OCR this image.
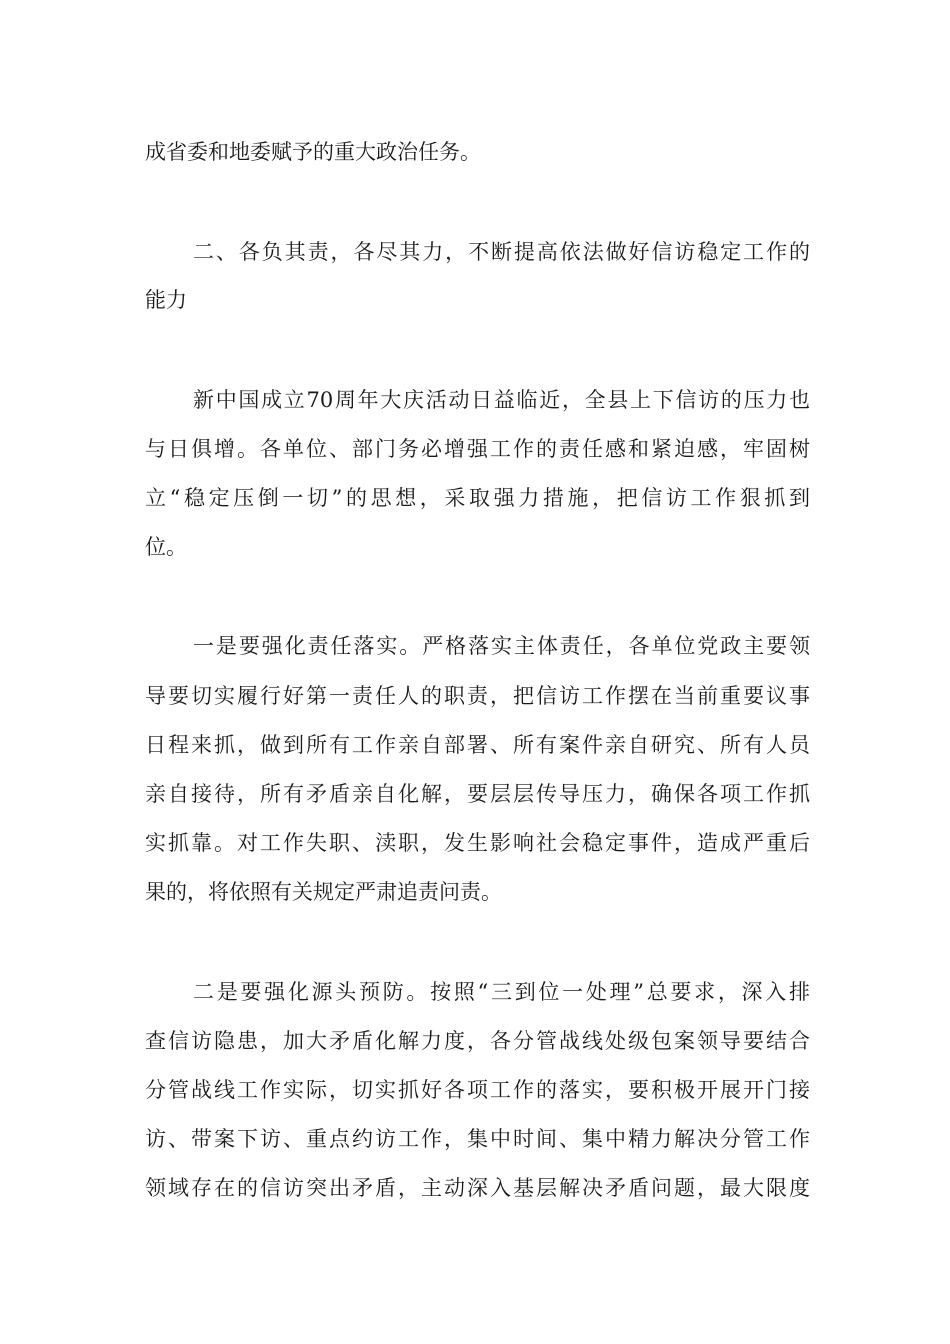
成省委和地委赋予的重大政治任务。
二、各负其责，各尽其力，不断提高依法做好信访稳定工作的
能力
新中国成立70周年大庆活动日益临近，全县上下信访的压力也
与日俱增。各单位、部门务必增强工作的责任感和紧迫感，牢固树
立“稳定压倒一切”的思想，采取强力措施，把信访工作狠抓到
位。
一是要强化责任落实。严格落实主体责任，各单位党政主要领
导要切实履行好第一责任人的职责，把信访工作摆在当前重要议事
日程来抓，做到所有工作亲自部署、所有案件亲自研究、所有人员
亲自接待，所有矛盾亲自化解，要层层传导压力，确保各项工作抓
实抓靠。对工作失职、渎职，发生影响社会稳定事件，造成严重后
果的，将依照有关规定严肃追责问责。
二是要强化源头预防。按照“三到位一处理”总要求，深入排
查信访隐患，加大矛盾化解力度，各分管战线处级包案领导要结合
分管战线工作实际，切实抓好各项工作的落实，要积极开展开门接
访、带案下访、重点约访工作，集中时间、集中精力解决分管工作
领域存在的信访突出矛盾，主动深入基层解决矛盾问题，最大限度
